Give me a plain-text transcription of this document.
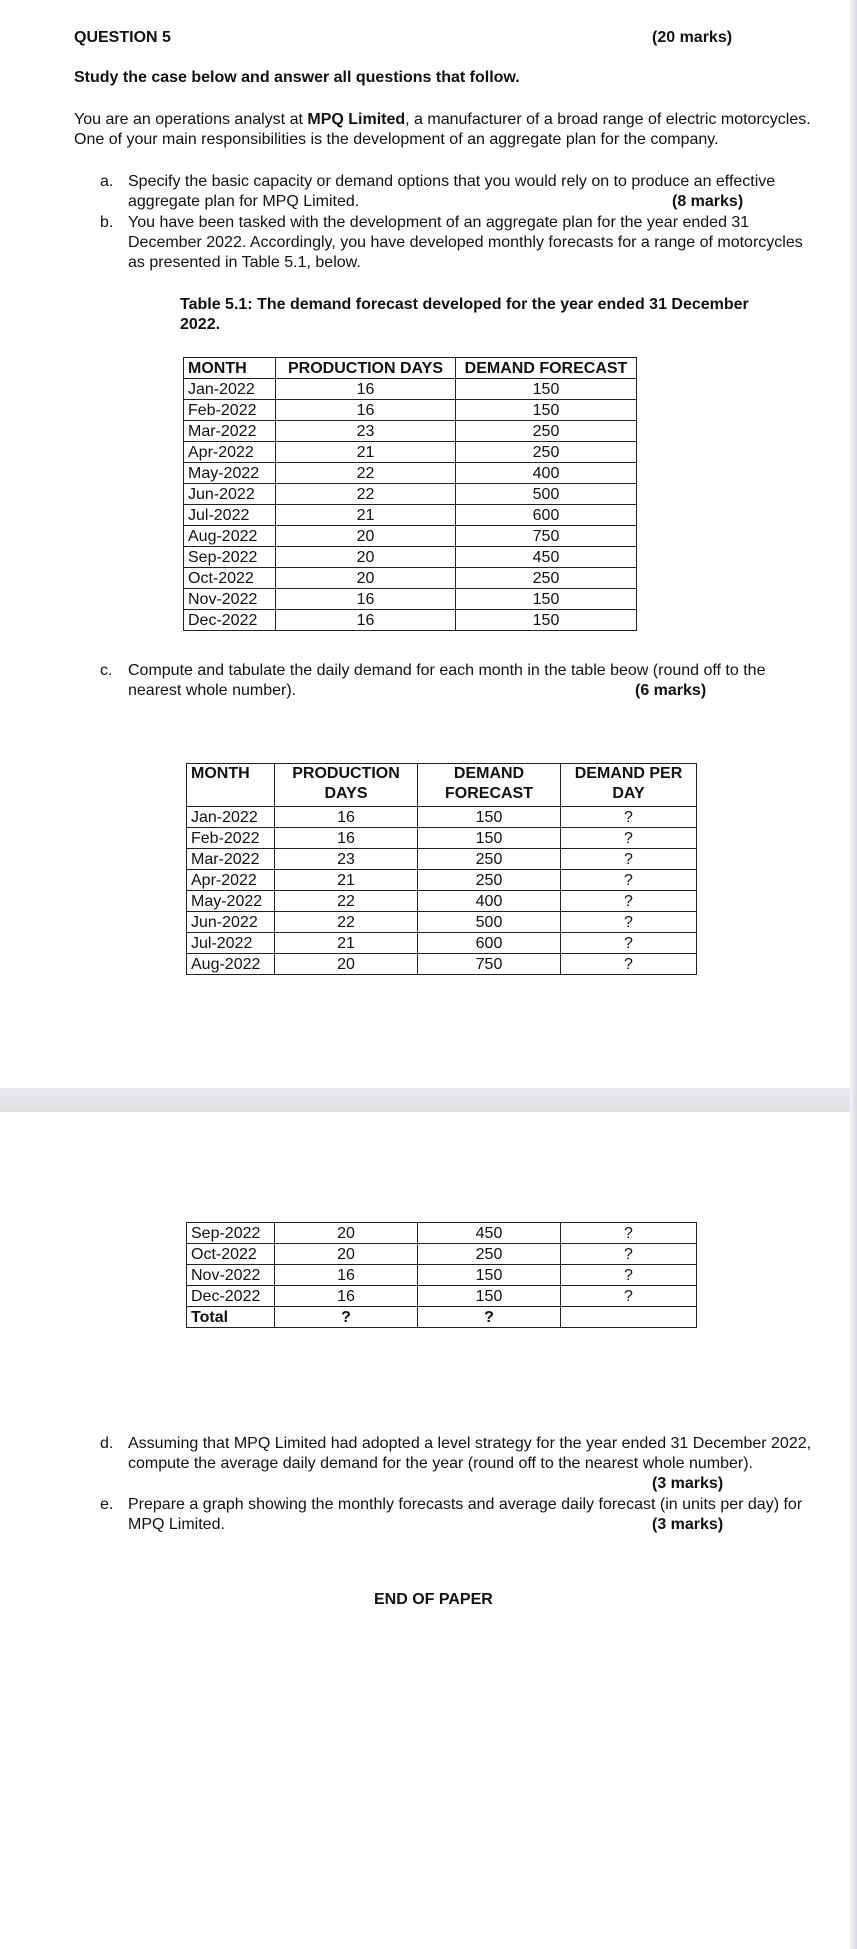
QUESTION 5	(20 marks)
Study the case below and answer all questions that follow.
You are an operations analyst at MPQ Limited, a manufacturer of a broad range of electric motorcycles.
One of your main responsibilities is the development of an aggregate plan for the company.
a. Specify the basic capacity or demand options that you would rely on to produce an effective
aggregate plan for MPQ Limited.	(8 marks)
b. You have been tasked with the development of an aggregate plan for the year ended 31
December 2022. Accordingly, you have developed monthly forecasts for a range of motorcycles
as presented in Table 5.1, below.
Table 5.1: The demand forecast developed for the year ended 31 December
2022.
MONTH	PRODUCTION DAYS	DEMAND FORECAST
Jan-2022	16	150
Feb-2022	16	150
Mar-2022	23	250
Apr-2022	21	250
May-2022	22	400
Jun-2022	22	500
Jul-2022	21	600
Aug-2022	20	750
Sep-2022	20	450
Oct-2022	20	250
Nov-2022	16	150
Dec-2022	16	150
c. Compute and tabulate the daily demand for each month in the table beow (round off to the
nearest whole number).	(6 marks)
MONTH	PRODUCTION DAYS	DEMAND FORECAST	DEMAND PER DAY
Jan-2022	16	150	?
Feb-2022	16	150	?
Mar-2022	23	250	?
Apr-2022	21	250	?
May-2022	22	400	?
Jun-2022	22	500	?
Jul-2022	21	600	?
Aug-2022	20	750	?
Sep-2022	20	450	?
Oct-2022	20	250	?
Nov-2022	16	150	?
Dec-2022	16	150	?
Total	?	?	
d. Assuming that MPQ Limited had adopted a level strategy for the year ended 31 December 2022,
compute the average daily demand for the year (round off to the nearest whole number).
(3 marks)
e. Prepare a graph showing the monthly forecasts and average daily forecast (in units per day) for
MPQ Limited.	(3 marks)
END OF PAPER
